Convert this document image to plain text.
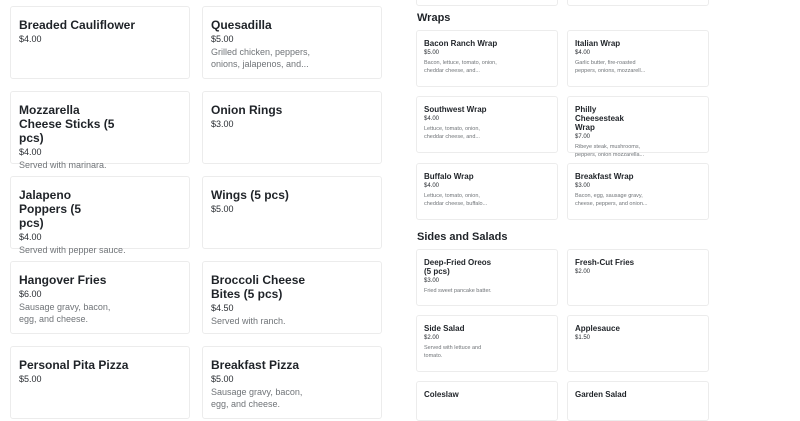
Breaded Cauliflower
$4.00
Quesadilla
$5.00
Grilled chicken, peppers, onions, jalapenos, and...
Mozzarella Cheese Sticks (5 pcs)
$4.00
Served with marinara.
Onion Rings
$3.00
Jalapeno Poppers (5 pcs)
$4.00
Served with pepper sauce.
Wings (5 pcs)
$5.00
Hangover Fries
$6.00
Sausage gravy, bacon, egg, and cheese.
Broccoli Cheese Bites (5 pcs)
$4.50
Served with ranch.
Personal Pita Pizza
$5.00
Breakfast Pizza
$5.00
Sausage gravy, bacon, egg, and cheese.
Wraps
Bacon Ranch Wrap
$5.00
Bacon, lettuce, tomato, onion, cheddar cheese, and...
Italian Wrap
$4.00
Garlic butter, fire-roasted peppers, onions, mozzarell...
Southwest Wrap
$4.00
Lettuce, tomato, onion, cheddar cheese, and...
Philly Cheesesteak Wrap
$7.00
Ribeye steak, mushrooms, peppers, onion mozzarella...
Buffalo Wrap
$4.00
Lettuce, tomato, onion, cheddar cheese, buffalo...
Breakfast Wrap
$3.00
Bacon, egg, sausage gravy, cheese, peppers, and onion...
Sides and Salads
Deep-Fried Oreos (5 pcs)
$3.00
Fried sweet pancake batter.
Fresh-Cut Fries
$2.00
Side Salad
$2.00
Served with lettuce and tomato.
Applesauce
$1.50
Coleslaw	Garden Salad
